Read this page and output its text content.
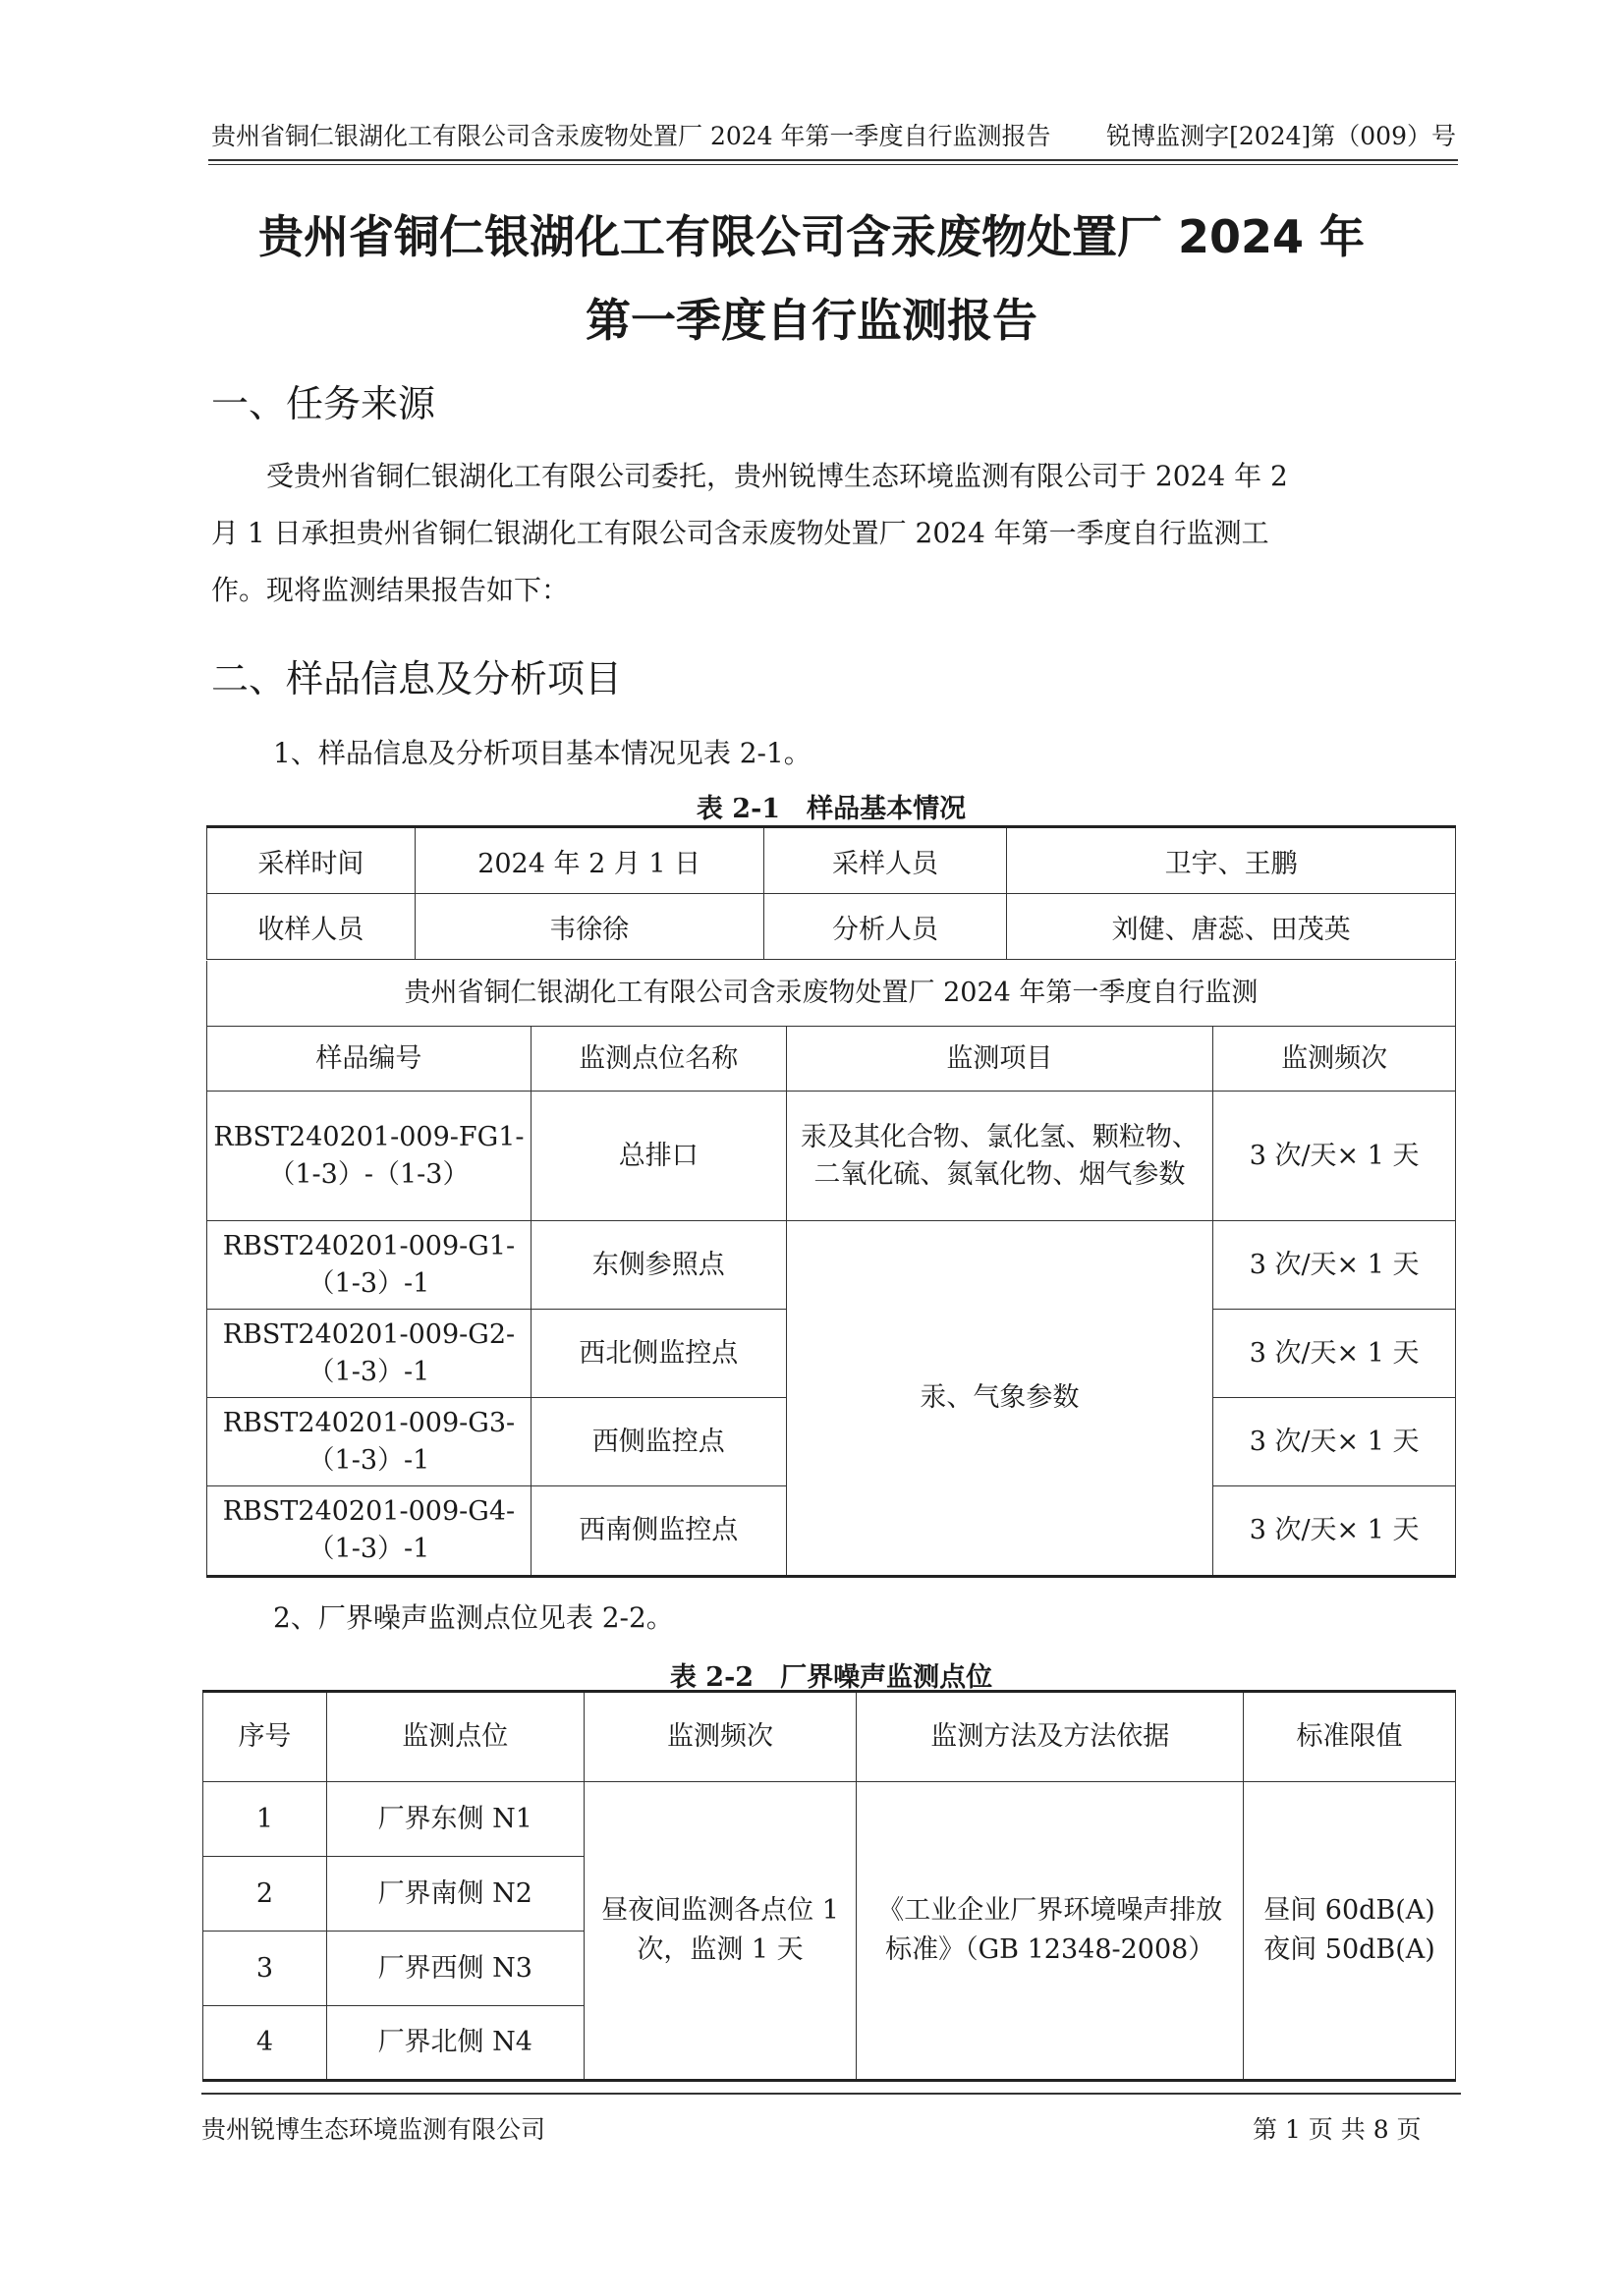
贵州省铜仁银湖化工有限公司含汞废物处置厂 2024 年第一季度自行监测报告 锐博监测字[2024]第（009）号
贵州省铜仁银湖化工有限公司含汞废物处置厂 2024 年
第一季度自行监测报告
一、任务来源

受贵州省铜仁银湖化工有限公司委托，贵州锐博生态环境监测有限公司于 2024 年 2

月 1 日承担贵州省铜仁银湖化工有限公司含汞废物处置厂 2024 年第一季度自行监测工

作。现将监测结果报告如下：

二、样品信息及分析项目
1、样品信息及分析项目基本情况见表 2-1。
表 2-1　样品基本情况
采样时间	2024 年 2 月 1 日	采样人员	卫宇、王鹏
收样人员	韦徐徐	分析人员	刘健、唐蕊、田茂英
贵州省铜仁银湖化工有限公司含汞废物处置厂 2024 年第一季度自行监测
样品编号	监测点位名称	监测项目	监测频次
RBST240201-009-FG1-
（1-3）-（1-3）	总排口	汞及其化合物、氯化氢、颗粒物、
二氧化硫、氮氧化物、烟气参数	3 次/天× 1 天
RBST240201-009-G1-
（1-3）-1	东侧参照点	汞、气象参数	3 次/天× 1 天
RBST240201-009-G2-
（1-3）-1	西北侧监控点		3 次/天× 1 天
RBST240201-009-G3-
（1-3）-1	西侧监控点		3 次/天× 1 天
RBST240201-009-G4-
（1-3）-1	西南侧监控点		3 次/天× 1 天
2、厂界噪声监测点位见表 2-2。
表 2-2　厂界噪声监测点位
序号	监测点位	监测频次	监测方法及方法依据	标准限值
1	厂界东侧 N1	昼夜间监测各点位 1
次，监测 1 天	《工业企业厂界环境噪声排放
标准》（GB 12348-2008）	昼间 60dB(A)
夜间 50dB(A)
2	厂界南侧 N2			
3	厂界西侧 N3			
4	厂界北侧 N4			
贵州锐博生态环境监测有限公司	第 1 页 共 8 页
